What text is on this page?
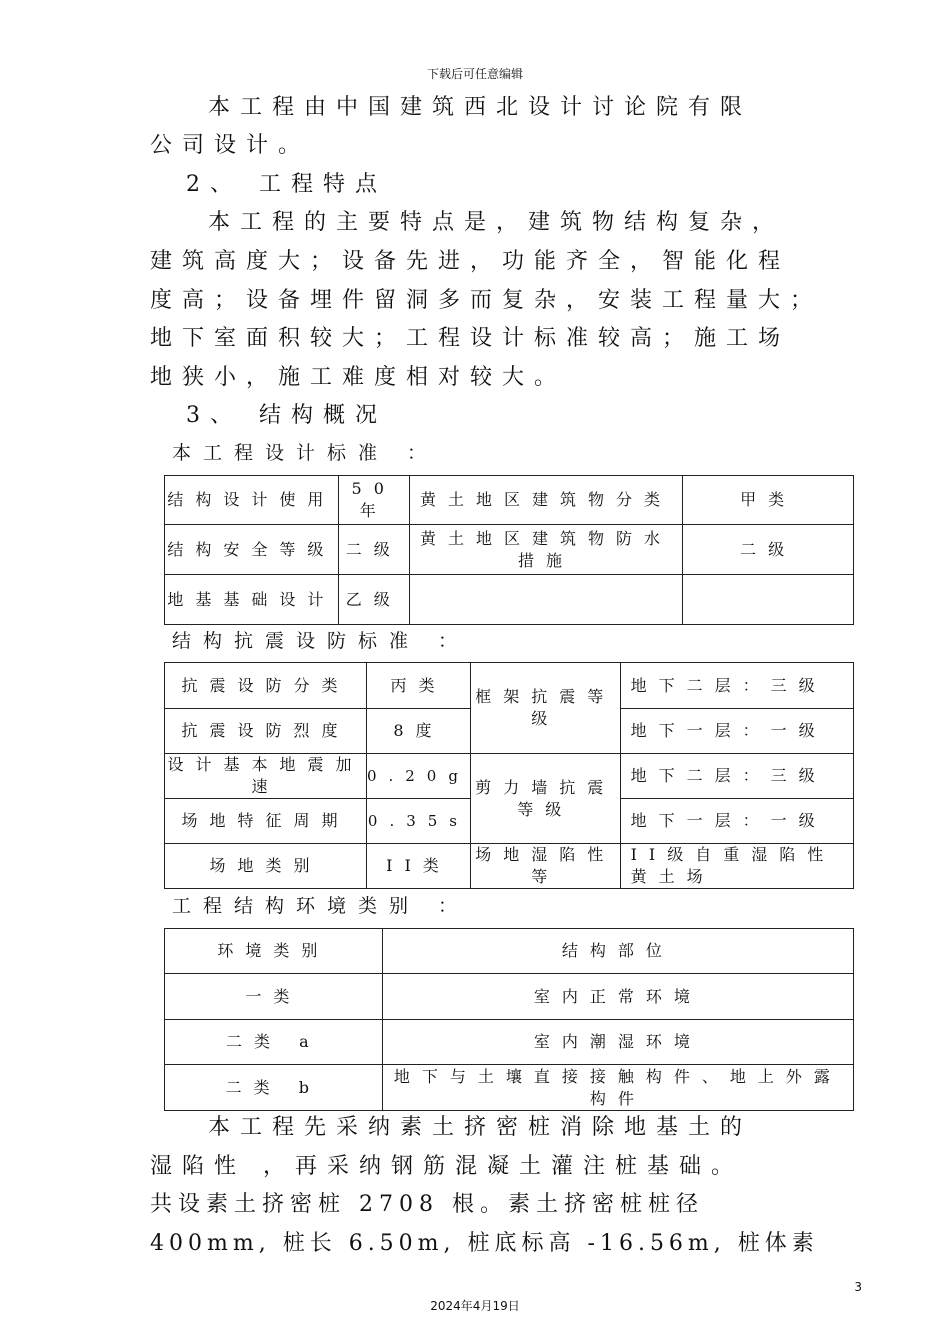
下载后可任意编辑
本工程由中国建筑西北设计讨论院有限
公司设计。
2、 工程特点
本工程的主要特点是，建筑物结构复杂，
建筑高度大；设备先进，功能齐全，智能化程
度高；设备埋件留洞多而复杂，安装工程量大；
地下室面积较大；工程设计标准较高；施工场
地狭小，施工难度相对较大。
3、 结构概况
本工程设计标准 ：
结构设计使用	50年	黄土地区建筑物分类	甲类
结构安全等级	二级	黄土地区建筑物防水措施	二级
地基基础设计	乙级		
结构抗震设防标准 ：
抗震设防分类	丙类	框架抗震等级	地下二层：三级
抗震设防烈度	8度		地下一层：一级
设计基本地震加速	0.20g	剪力墙抗震等级	地下二层：三级
场地特征周期	0.35s		地下一层：一级
场地类别	II类	场地湿陷性等	II级自重湿陷性黄土场
工程结构环境类别 ：
环境类别	结构部位
一类	室内正常环境
二类 a	室内潮湿环境
二类 b	地下与土壤直接接触构件、地上外露构件
本工程先采纳素土挤密桩消除地基土的
湿陷性 ，再采纳钢筋混凝土灌注桩基础。
共设素土挤密桩 2708 根。素土挤密桩桩径
400mm, 桩长 6.50m, 桩底标高 -16.56m, 桩体素
3
2024年4月19日
